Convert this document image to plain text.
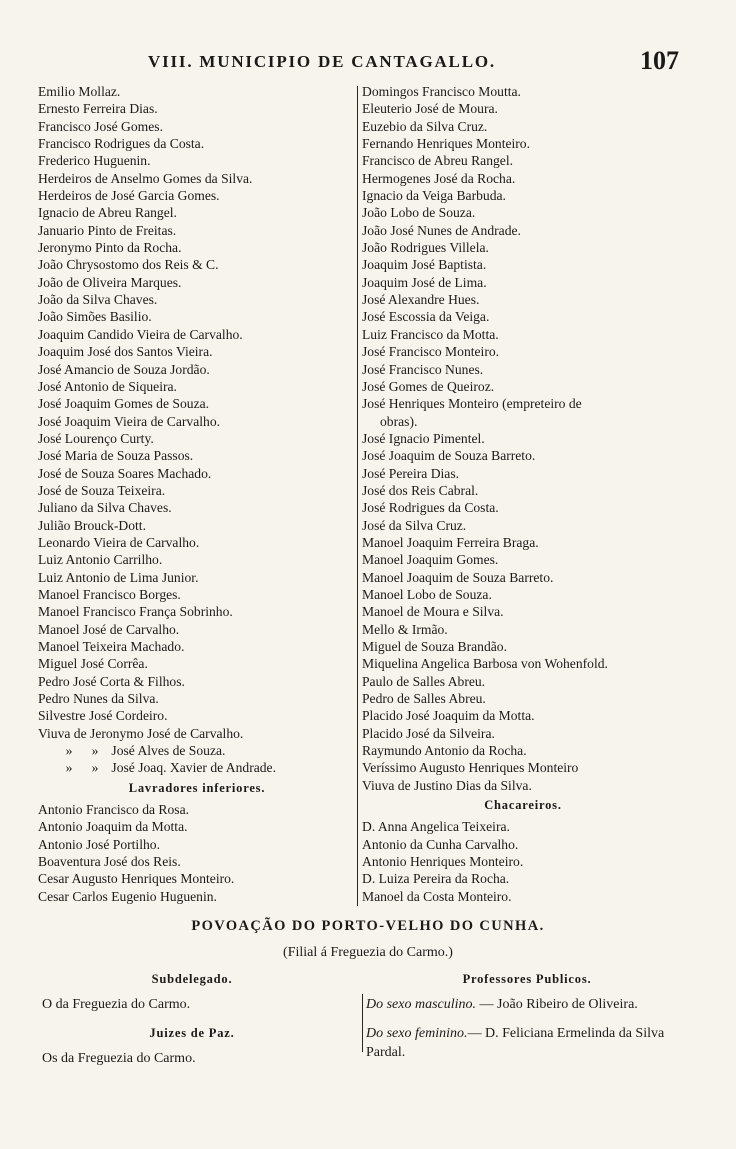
VIII. MUNICIPIO DE CANTAGALLO.	107
Emilio Mollaz.
Ernesto Ferreira Dias.
Francisco José Gomes.
Francisco Rodrigues da Costa.
Frederico Huguenin.
Herdeiros de Anselmo Gomes da Silva.
Herdeiros de José Garcia Gomes.
Ignacio de Abreu Rangel.
Januario Pinto de Freitas.
Jeronymo Pinto da Rocha.
João Chrysostomo dos Reis & C.
João de Oliveira Marques.
João da Silva Chaves.
João Simões Basilio.
Joaquim Candido Vieira de Carvalho.
Joaquim José dos Santos Vieira.
José Amancio de Souza Jordão.
José Antonio de Siqueira.
José Joaquim Gomes de Souza.
José Joaquim Vieira de Carvalho.
José Lourenço Curty.
José Maria de Souza Passos.
José de Souza Soares Machado.
José de Souza Teixeira.
Juliano da Silva Chaves.
Julião Brouck-Dott.
Leonardo Vieira de Carvalho.
Luiz Antonio Carrilho.
Luiz Antonio de Lima Junior.
Manoel Francisco Borges.
Manoel Francisco França Sobrinho.
Manoel José de Carvalho.
Manoel Teixeira Machado.
Miguel José Corrêa.
Pedro José Corta & Filhos.
Pedro Nunes da Silva.
Silvestre José Cordeiro.
Viuva de Jeronymo José de Carvalho.
» » José Alves de Souza.
» » José Joaq. Xavier de Andrade.
Lavradores inferiores.
Antonio Francisco da Rosa.
Antonio Joaquim da Motta.
Antonio José Portilho.
Boaventura José dos Reis.
Cesar Augusto Henriques Monteiro.
Cesar Carlos Eugenio Huguenin.
Domingos Francisco Moutta.
Eleuterio José de Moura.
Euzebio da Silva Cruz.
Fernando Henriques Monteiro.
Francisco de Abreu Rangel.
Hermogenes José da Rocha.
Ignacio da Veiga Barbuda.
João Lobo de Souza.
João José Nunes de Andrade.
João Rodrigues Villela.
Joaquim José Baptista.
Joaquim José de Lima.
José Alexandre Hues.
José Escossia da Veiga.
Luiz Francisco da Motta.
José Francisco Monteiro.
José Francisco Nunes.
José Gomes de Queiroz.
José Henriques Monteiro (empreteiro de
obras).
José Ignacio Pimentel.
José Joaquim de Souza Barreto.
José Pereira Dias.
José dos Reis Cabral.
José Rodrigues da Costa.
José da Silva Cruz.
Manoel Joaquim Ferreira Braga.
Manoel Joaquim Gomes.
Manoel Joaquim de Souza Barreto.
Manoel Lobo de Souza.
Manoel de Moura e Silva.
Mello & Irmão.
Miguel de Souza Brandão.
Miquelina Angelica Barbosa von Wohenfold.
Paulo de Salles Abreu.
Pedro de Salles Abreu.
Placido José Joaquim da Motta.
Placido José da Silveira.
Raymundo Antonio da Rocha.
Veríssimo Augusto Henriques Monteiro
Viuva de Justino Dias da Silva.
Chacareiros.
D. Anna Angelica Teixeira.
Antonio da Cunha Carvalho.
Antonio Henriques Monteiro.
D. Luiza Pereira da Rocha.
Manoel da Costa Monteiro.
POVOAÇÃO DO PORTO-VELHO DO CUNHA.
(Filial á Freguezia do Carmo.)
Subdelegado.
O da Freguezia do Carmo.
Juizes de Paz.
Os da Freguezia do Carmo.
Professores Publicos.
Do sexo masculino. — João Ribeiro de Oliveira.
Do sexo feminino.— D. Feliciana Ermelinda da Silva Pardal.
